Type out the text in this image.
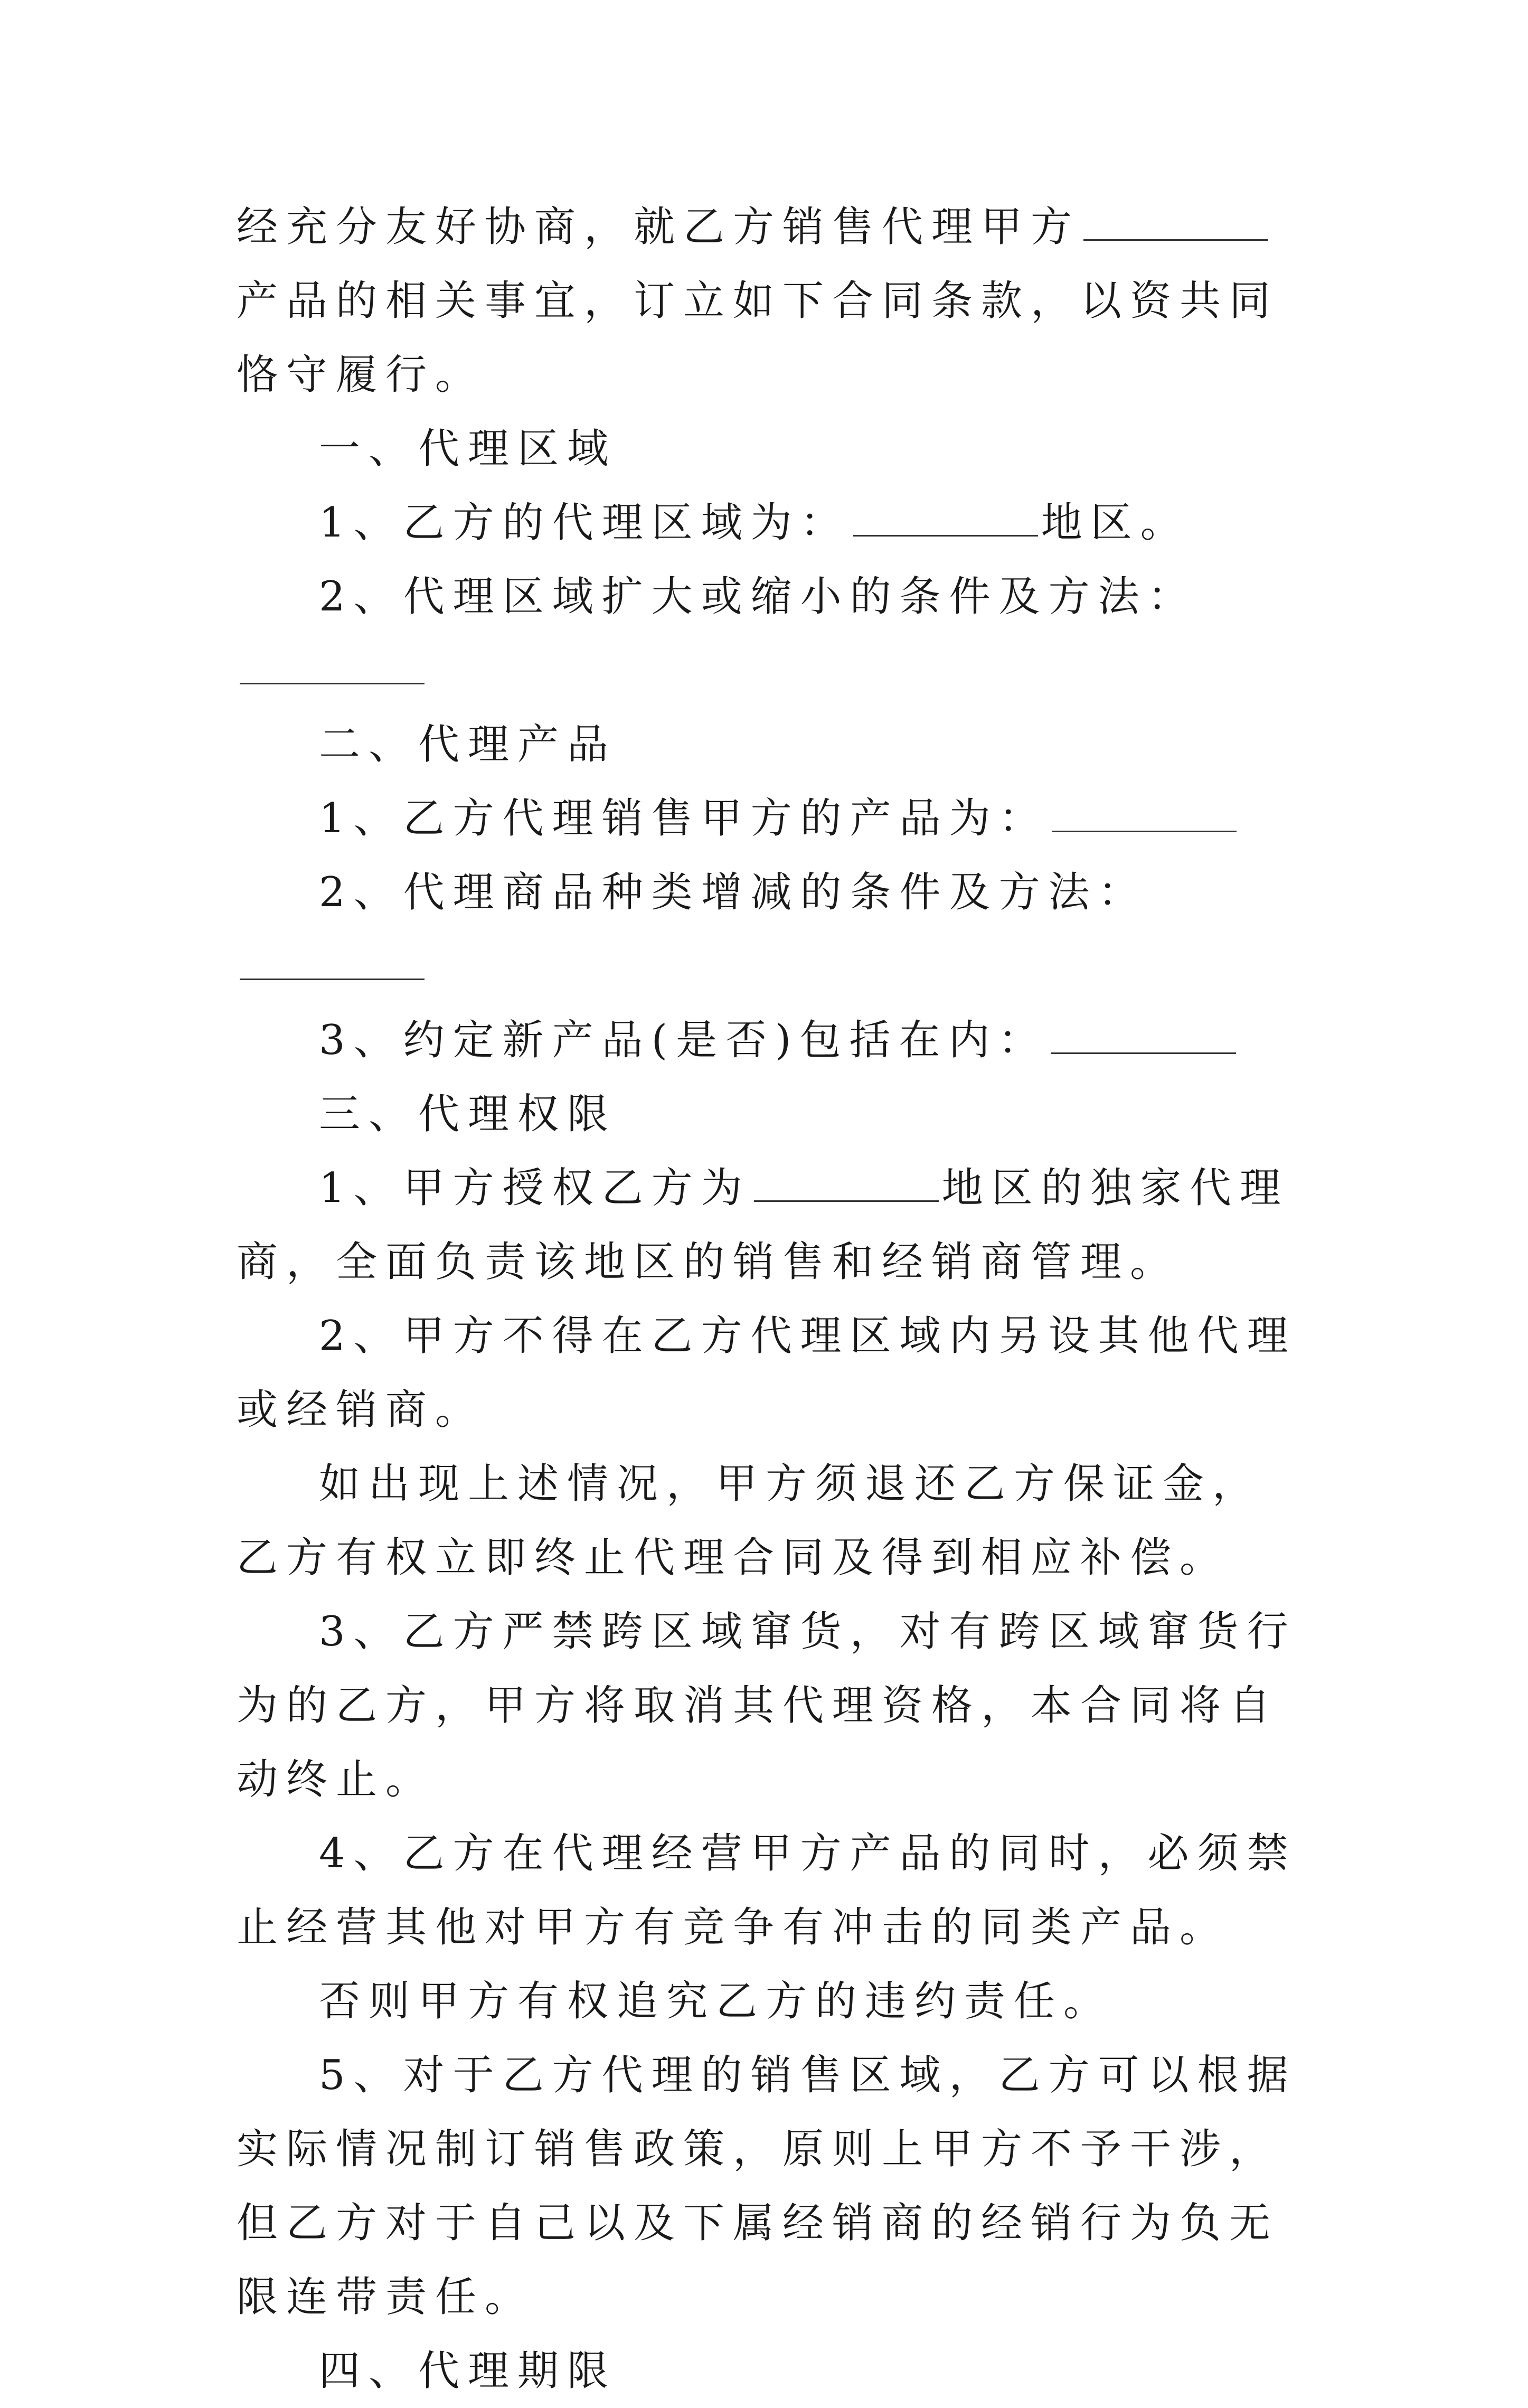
经充分友好协商，就乙方销售代理甲方产品的相关事宜，订立如下合同条款，以资共同恪守履行。

一、代理区域

1、乙方的代理区域为：	地区。

2、代理区域扩大或缩小的条件及方法：

二、代理产品

1、乙方代理销售甲方的产品为：

2、代理商品种类增减的条件及方法：

3、约定新产品(是否)包括在内：

三、代理权限

1、甲方授权乙方为	地区的独家代理商，全面负责该地区的销售和经销商管理。

2、甲方不得在乙方代理区域内另设其他代理或经销商。

如出现上述情况，甲方须退还乙方保证金，乙方有权立即终止代理合同及得到相应补偿。

3、乙方严禁跨区域窜货，对有跨区域窜货行为的乙方，甲方将取消其代理资格，本合同将自动终止。

4、乙方在代理经营甲方产品的同时，必须禁止经营其他对甲方有竞争有冲击的同类产品。

否则甲方有权追究乙方的违约责任。

5、对于乙方代理的销售区域，乙方可以根据实际情况制订销售政策，原则上甲方不予干涉，但乙方对于自己以及下属经销商的经销行为负无限连带责任。

四、代理期限
